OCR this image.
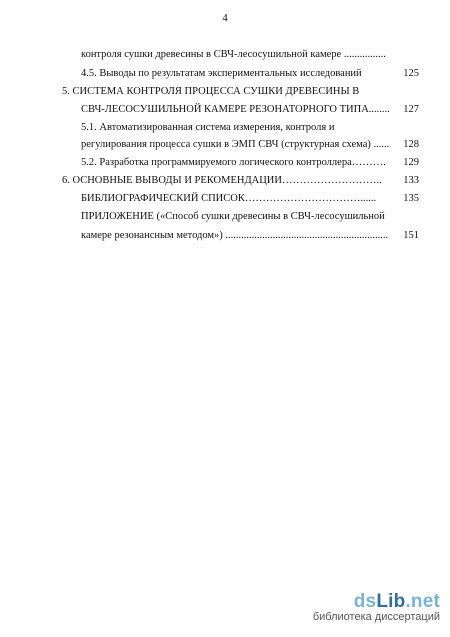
4
контроля сушки древесины в СВЧ-лесосушильной камере ................
4.5. Выводы по результатам экспериментальных исследований	125
5. СИСТЕМА КОНТРОЛЯ ПРОЦЕССА СУШКИ ДРЕВЕСИНЫ В
СВЧ-ЛЕСОСУШИЛЬНОЙ КАМЕРЕ РЕЗОНАТОРНОГО ТИПА........ 127
5.1. Автоматизированная система измерения, контроля и
регулирования процесса сушки в ЭМП СВЧ (структурная схема) ...... 128
5.2. Разработка программируемого логического контроллера………. 129
6. ОСНОВНЫЕ ВЫВОДЫ И РЕКОМЕНДАЦИИ……………………….. 133
БИБЛИОГРАФИЧЕСКИЙ СПИСОК……………………………......	135
ПРИЛОЖЕНИЕ («Способ сушки древесины в СВЧ-лесосушильной
камере резонансным методом») .............................................................. 151
dsLib.net
библиотека диссертаций
